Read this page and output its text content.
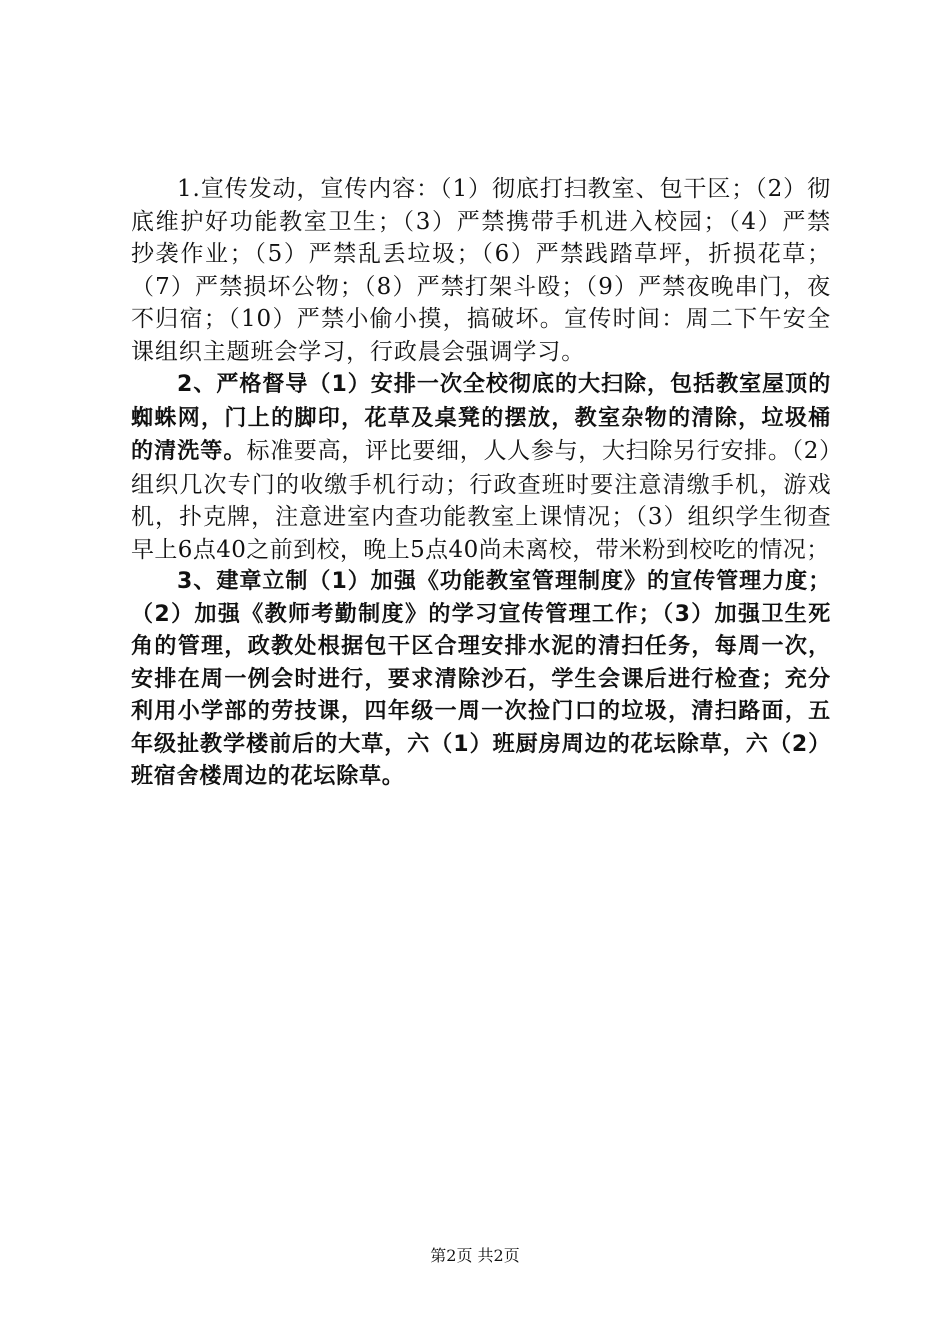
1.宣传发动，宣传内容：（1）彻底打扫教室、包干区；（2）彻底维护好功能教室卫生；（3）严禁携带手机进入校园；（4）严禁抄袭作业；（5）严禁乱丢垃圾；（6）严禁践踏草坪，折损花草；（7）严禁损坏公物；（8）严禁打架斗殴；（9）严禁夜晚串门，夜不归宿；（10）严禁小偷小摸，搞破坏。宣传时间：周二下午安全课组织主题班会学习，行政晨会强调学习。

2、严格督导（1）安排一次全校彻底的大扫除，包括教室屋顶的蜘蛛网，门上的脚印，花草及桌凳的摆放，教室杂物的清除，垃圾桶的清洗等。标准要高，评比要细，人人参与，大扫除另行安排。（2）组织几次专门的收缴手机行动；行政查班时要注意清缴手机，游戏机，扑克牌，注意进室内查功能教室上课情况；（3）组织学生彻查早上6点40之前到校，晚上5点40尚未离校，带米粉到校吃的情况；

3、建章立制（1）加强《功能教室管理制度》的宣传管理力度；（2）加强《教师考勤制度》的学习宣传管理工作；（3）加强卫生死角的管理，政教处根据包干区合理安排水泥的清扫任务，每周一次，安排在周一例会时进行，要求清除沙石，学生会课后进行检查；充分利用小学部的劳技课，四年级一周一次捡门口的垃圾，清扫路面，五年级扯教学楼前后的大草，六（1）班厨房周边的花坛除草，六（2）班宿舍楼周边的花坛除草。

第2页 共2页
